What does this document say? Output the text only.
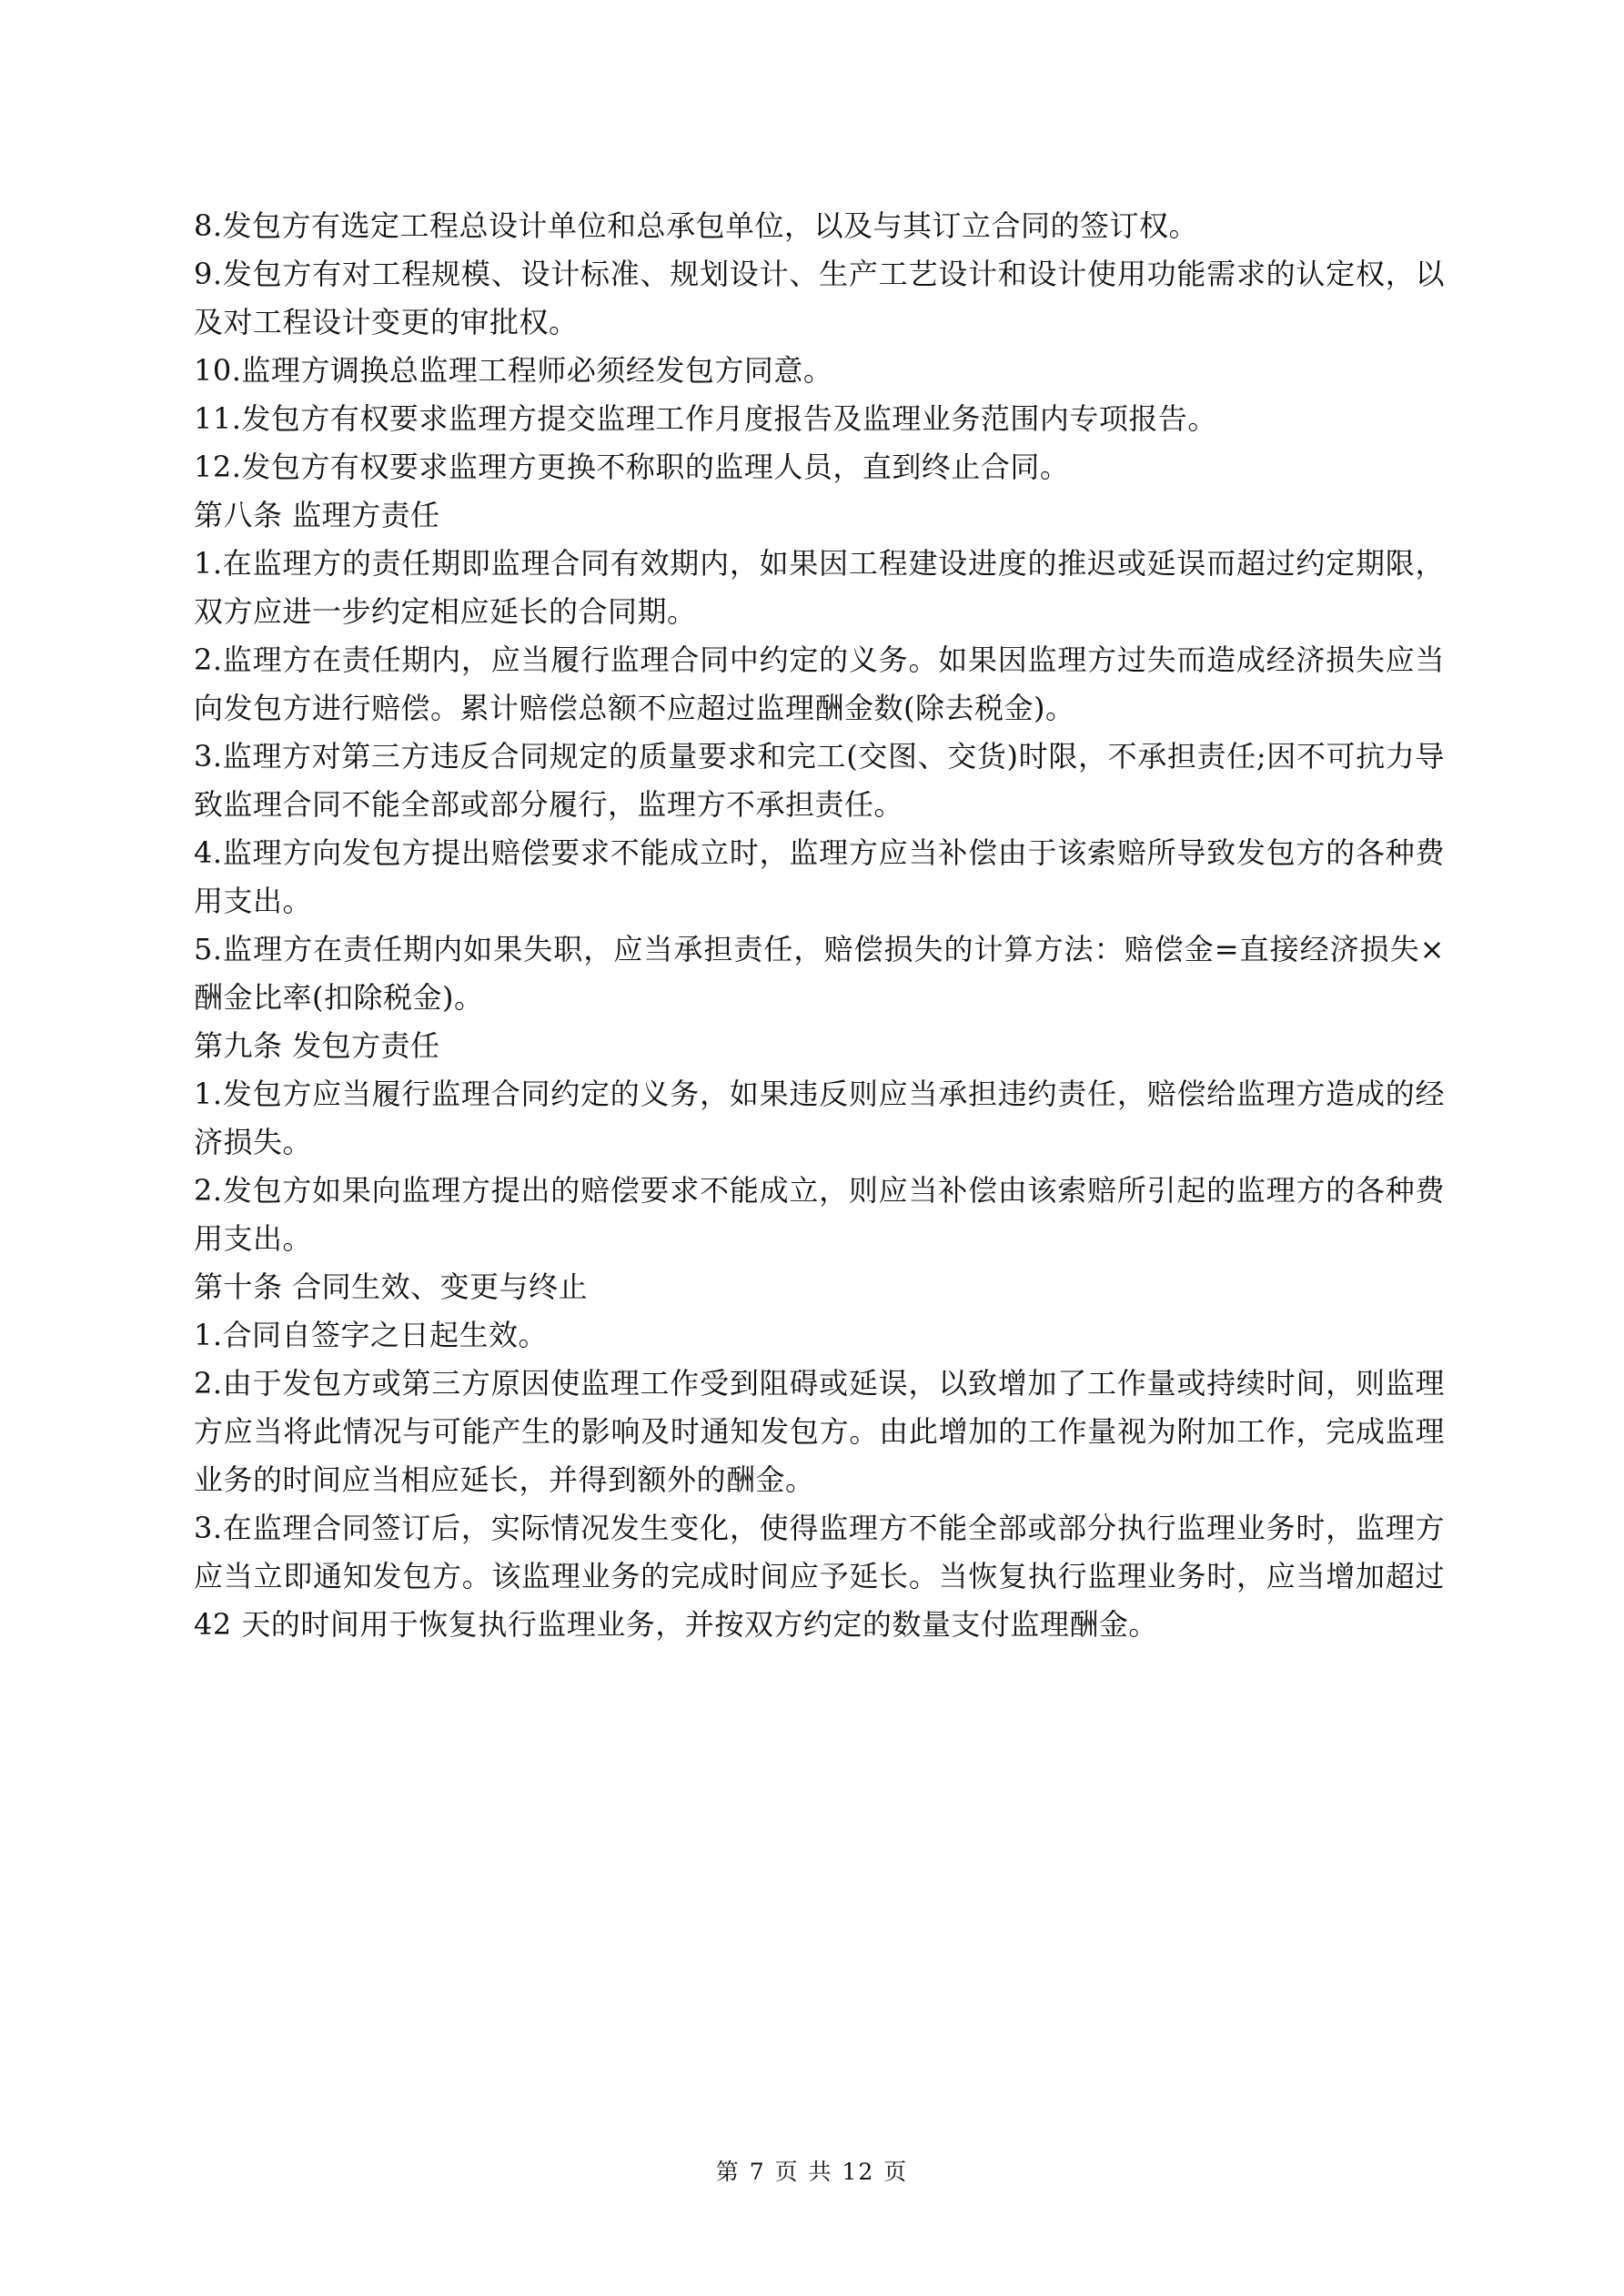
8.发包方有选定工程总设计单位和总承包单位，以及与其订立合同的签订权。

9.发包方有对工程规模、设计标准、规划设计、生产工艺设计和设计使用功能需求的认定权，以及对工程设计变更的审批权。

10.监理方调换总监理工程师必须经发包方同意。

11.发包方有权要求监理方提交监理工作月度报告及监理业务范围内专项报告。

12.发包方有权要求监理方更换不称职的监理人员，直到终止合同。

第八条 监理方责任

1.在监理方的责任期即监理合同有效期内，如果因工程建设进度的推迟或延误而超过约定期限，双方应进一步约定相应延长的合同期。

2.监理方在责任期内，应当履行监理合同中约定的义务。如果因监理方过失而造成经济损失应当向发包方进行赔偿。累计赔偿总额不应超过监理酬金数(除去税金)。

3.监理方对第三方违反合同规定的质量要求和完工(交图、交货)时限，不承担责任;因不可抗力导致监理合同不能全部或部分履行，监理方不承担责任。

4.监理方向发包方提出赔偿要求不能成立时，监理方应当补偿由于该索赔所导致发包方的各种费用支出。

5.监理方在责任期内如果失职，应当承担责任，赔偿损失的计算方法：赔偿金=直接经济损失×酬金比率(扣除税金)。

第九条 发包方责任

1.发包方应当履行监理合同约定的义务，如果违反则应当承担违约责任，赔偿给监理方造成的经济损失。

2.发包方如果向监理方提出的赔偿要求不能成立，则应当补偿由该索赔所引起的监理方的各种费用支出。

第十条 合同生效、变更与终止

1.合同自签字之日起生效。

2.由于发包方或第三方原因使监理工作受到阻碍或延误，以致增加了工作量或持续时间，则监理方应当将此情况与可能产生的影响及时通知发包方。由此增加的工作量视为附加工作，完成监理业务的时间应当相应延长，并得到额外的酬金。

3.在监理合同签订后，实际情况发生变化，使得监理方不能全部或部分执行监理业务时，监理方应当立即通知发包方。该监理业务的完成时间应予延长。当恢复执行监理业务时，应当增加超过 42 天的时间用于恢复执行监理业务，并按双方约定的数量支付监理酬金。

第 7 页 共 12 页
